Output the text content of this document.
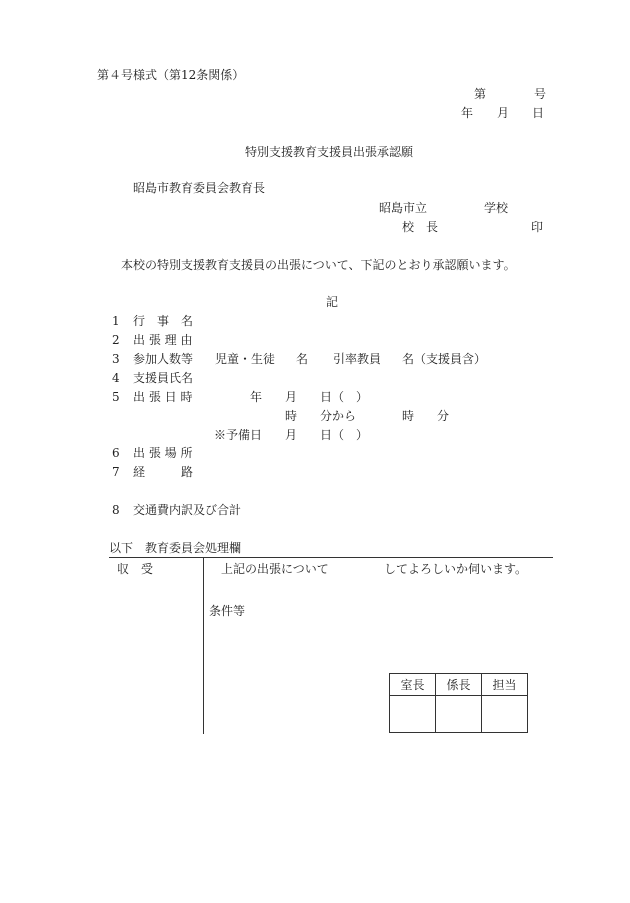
第４号様式（第12条関係）
第	号
年 月 日
特別支援教育支援員出張承認願
昭島市教育委員会教育長
昭島市立	学校
校　長	印
本校の特別支援教育支援員の出張について、下記のとおり承認願います。
記
1 行　事　名
2 出 張 理 由
3 参加人数等 児童・生徒 名 引率教員 名（支援員含）
4 支援員氏名
5 出 張 日 時	年 月 日（　）
時 分から	時 分
※予備日 月 日（　）
6 出 張 場 所
7 経　　　路
8 交通費内訳及び合計
以下　教育委員会処理欄
収　受	上記の出張について	してよろしいか伺います。
条件等
室長	係長	担当
